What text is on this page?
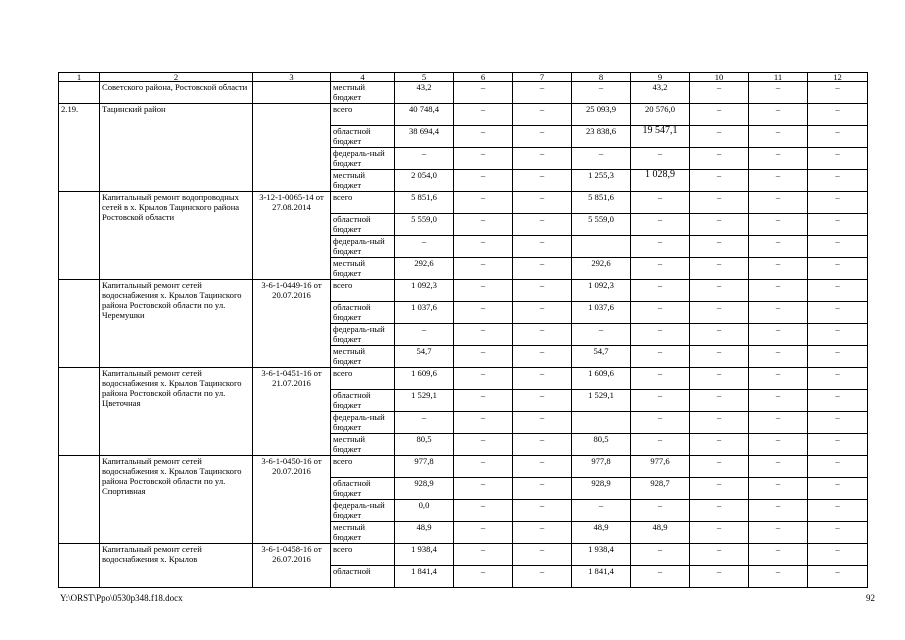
1	2	3	4	5	6	7	8	9	10	11	12
	Советского района, Ростовской области		местный бюджет	43,2	–	–	–	43,2	–	–	–
2.19.	Тацинский район		всего	40 748,4	–	–	25 093,9	20 576,0	–	–	–
			областной бюджет	38 694,4	–	–	23 838,6	19 547,1	–	–	–
			федераль-ный бюджет	–	–	–	–	–	–	–	–
			местный бюджет	2 054,0	–	–	1 255,3	1 028,9	–	–	–
	Капитальный ремонт водопроводных сетей в х. Крылов Тацинского района Ростовской области	3-12-1-0065-14 от 27.08.2014	всего	5 851,6	–	–	5 851,6	–	–	–	–
			областной бюджет	5 559,0	–	–	5 559,0	–	–	–	–
			федераль-ный бюджет	–	–	–		–	–	–	–
			местный бюджет	292,6	–	–	292,6	–	–	–	–
	Капитальный ремонт сетей водоснабжения х. Крылов Тацинского района Ростовской области по ул. Черемушки	3-6-1-0449-16 от 20.07.2016	всего	1 092,3	–	–	1 092,3	–	–	–	–
			областной бюджет	1 037,6	–	–	1 037,6	–	–	–	–
			федераль-ный бюджет	–	–	–	–	–	–	–	–
			местный бюджет	54,7	–	–	54,7	–	–	–	–
	Капитальный ремонт сетей водоснабжения х. Крылов Тацинского района Ростовской области по ул. Цветочная	3-6-1-0451-16 от 21.07.2016	всего	1 609,6	–	–	1 609,6	–	–	–	–
			областной бюджет	1 529,1	–	–	1 529,1	–	–	–	–
			федераль-ный бюджет	–	–	–		–	–	–	–
			местный бюджет	80,5	–	–	80,5	–	–	–	–
	Капитальный ремонт сетей водоснабжения х. Крылов Тацинского района Ростовской области по ул. Спортивная	3-6-1-0450-16 от 20.07.2016	всего	977,8	–	–	977,8	977,6	–	–	–
			областной бюджет	928,9	–	–	928,9	928,7	–	–	–
			федераль-ный бюджет	0,0	–	–	–	–	–	–	–
			местный бюджет	48,9	–	–	48,9	48,9	–	–	–
	Капитальный ремонт сетей водоснабжения х. Крылов	3-6-1-0458-16 от 26.07.2016	всего	1 938,4	–	–	1 938,4	–	–	–	–
			областной	1 841,4	–	–	1 841,4	–	–	–	–
Y:\ORST\Ppo\0530p348.f18.docx	92
